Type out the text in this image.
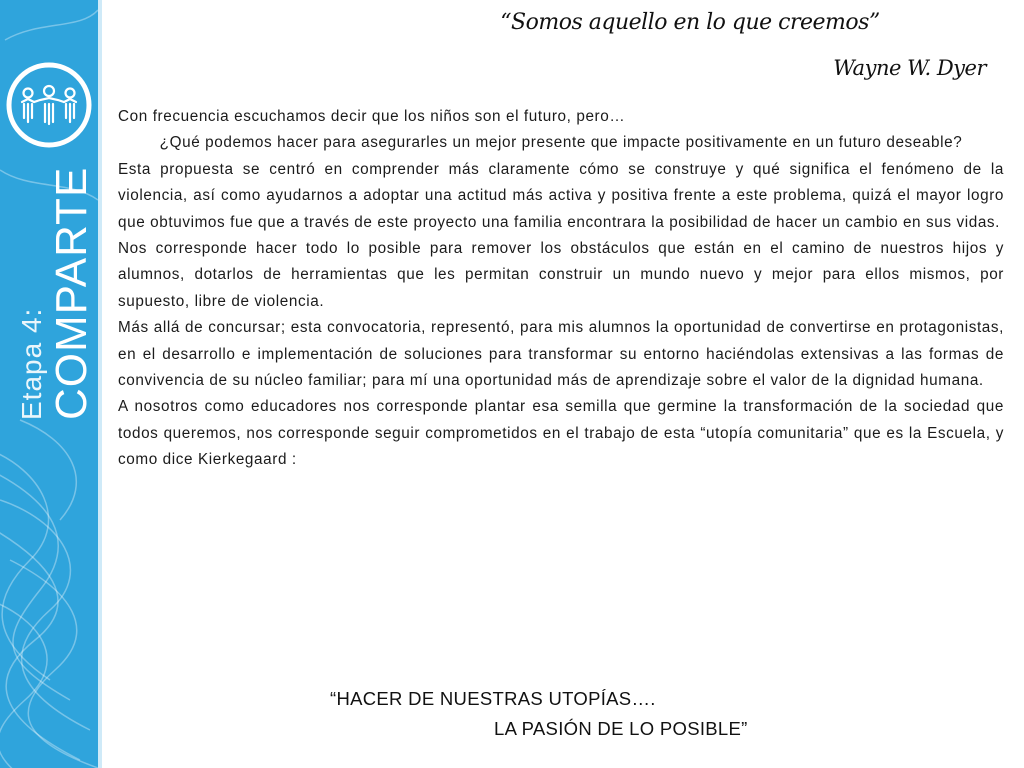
Etapa 4: COMPARTE
“Somos aquello en lo que creemos”
Wayne W. Dyer

Con frecuencia escuchamos decir que los niños son el futuro, pero…

¿Qué podemos hacer para asegurarles un mejor presente que impacte positivamente en un futuro deseable?

Esta propuesta se centró en comprender más claramente cómo se construye y qué significa el fenómeno de la violencia, así como ayudarnos a adoptar una actitud más activa y positiva frente a este problema, quizá el mayor logro que obtuvimos fue que a través de este proyecto una familia encontrara la posibilidad de hacer un cambio en sus vidas.

Nos corresponde hacer todo lo posible para remover los obstáculos que están en el camino de nuestros hijos y alumnos, dotarlos de herramientas que les permitan construir un mundo nuevo y mejor para ellos mismos, por supuesto, libre de violencia.

Más allá de concursar; esta convocatoria, representó, para mis alumnos la oportunidad de convertirse en protagonistas, en el desarrollo e implementación de soluciones para transformar su entorno haciéndolas extensivas a las formas de convivencia de su núcleo familiar; para mí una oportunidad más de aprendizaje sobre el valor de la dignidad humana.

A nosotros como educadores nos corresponde plantar esa semilla que germine la transformación de la sociedad que todos queremos, nos corresponde seguir comprometidos en el trabajo de esta “utopía comunitaria” que es la Escuela, y como dice Kierkegaard :

“HACER DE NUESTRAS UTOPÍAS….
LA PASIÓN DE LO POSIBLE”
